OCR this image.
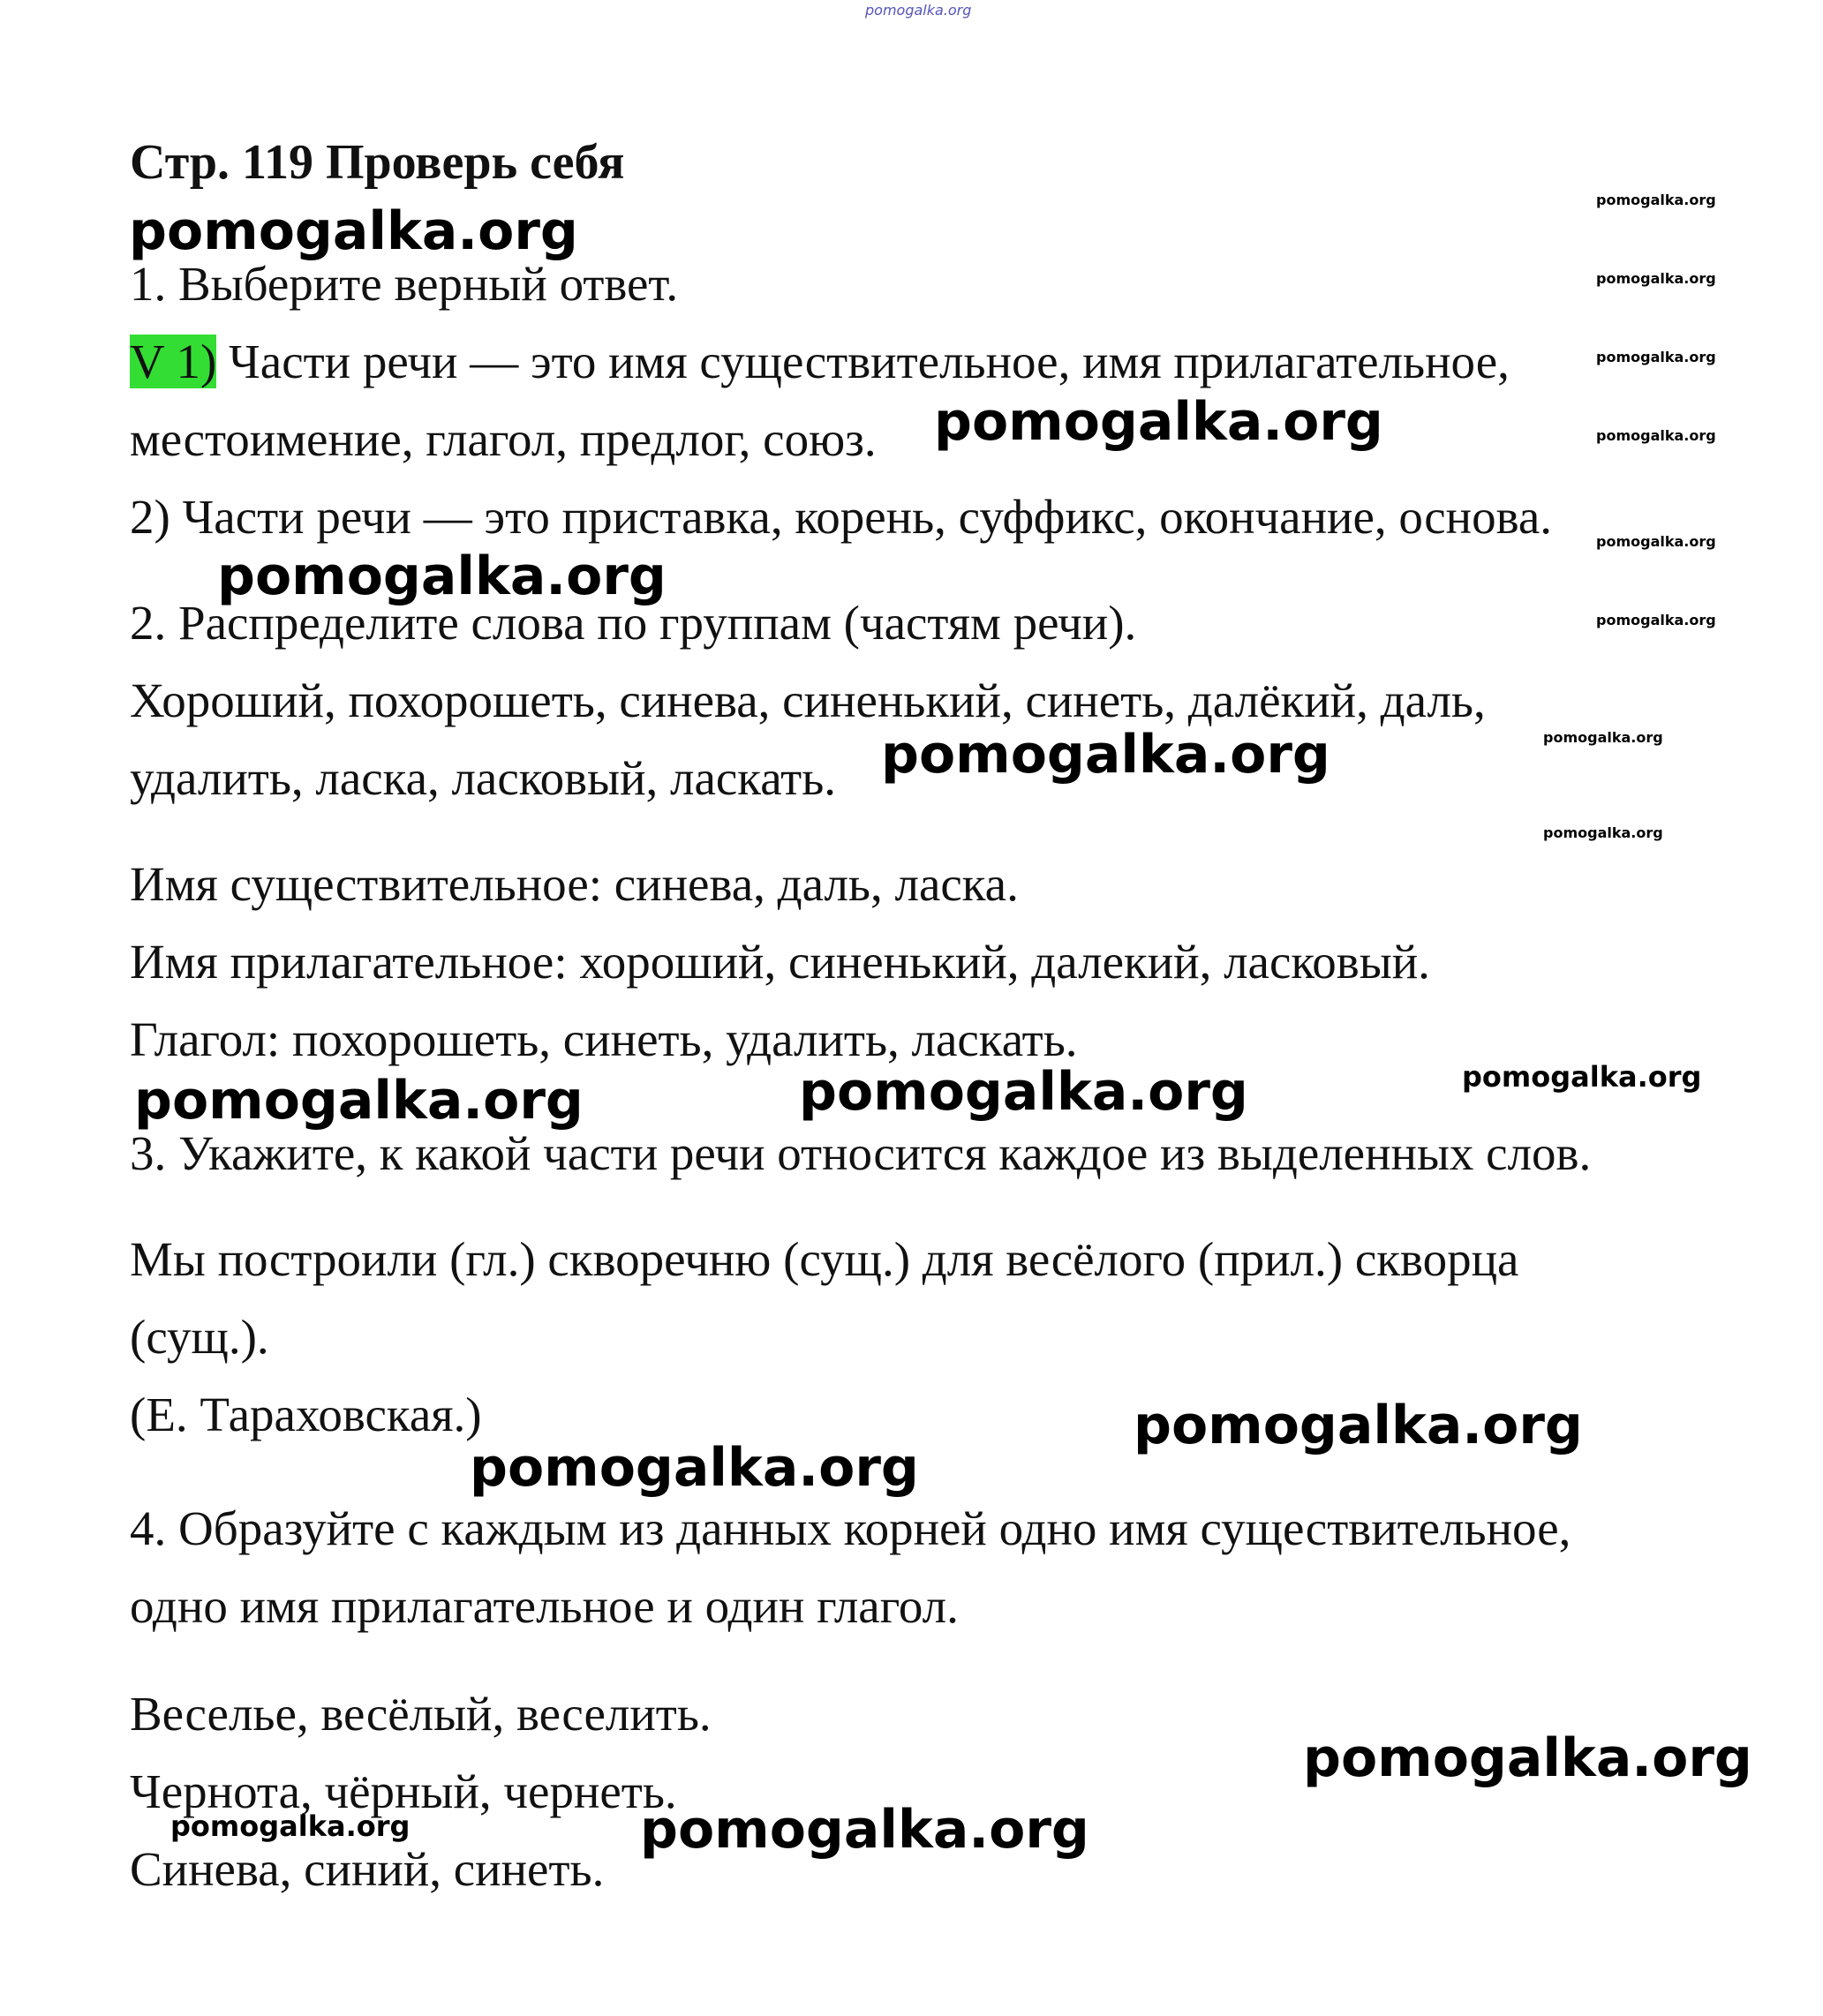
pomogalka.org
Стр. 119 Проверь себя
1. Выберите верный ответ.
V 1) Части речи — это имя существительное, имя прилагательное,
местоимение, глагол, предлог, союз.
2) Части речи — это приставка, корень, суффикс, окончание, основа.
2. Распределите слова по группам (частям речи).
Хороший, похорошеть, синева, синенький, синеть, далёкий, даль,
удалить, ласка, ласковый, ласкать.
Имя существительное: синева, даль, ласка.
Имя прилагательное: хороший, синенький, далекий, ласковый.
Глагол: похорошеть, синеть, удалить, ласкать.
3. Укажите, к какой части речи относится каждое из выделенных слов.
Мы построили (гл.) скворечню (сущ.) для весёлого (прил.) скворца
(сущ.).
(Е. Тараховская.)
4. Образуйте с каждым из данных корней одно имя существительное,
одно имя прилагательное и один глагол.
Веселье, весёлый, веселить.
Чернота, чёрный, чернеть.
Синева, синий, синеть.
pomogalka.org
pomogalka.org
pomogalka.org
pomogalka.org
pomogalka.org	pomogalka.org
pomogalka.org
pomogalka.org
pomogalka.org
pomogalka.org
pomogalka.org
pomogalka.org
pomogalka.org
pomogalka.org
pomogalka.org
pomogalka.org
pomogalka.org
pomogalka.org
pomogalka.org
pomogalka.org
